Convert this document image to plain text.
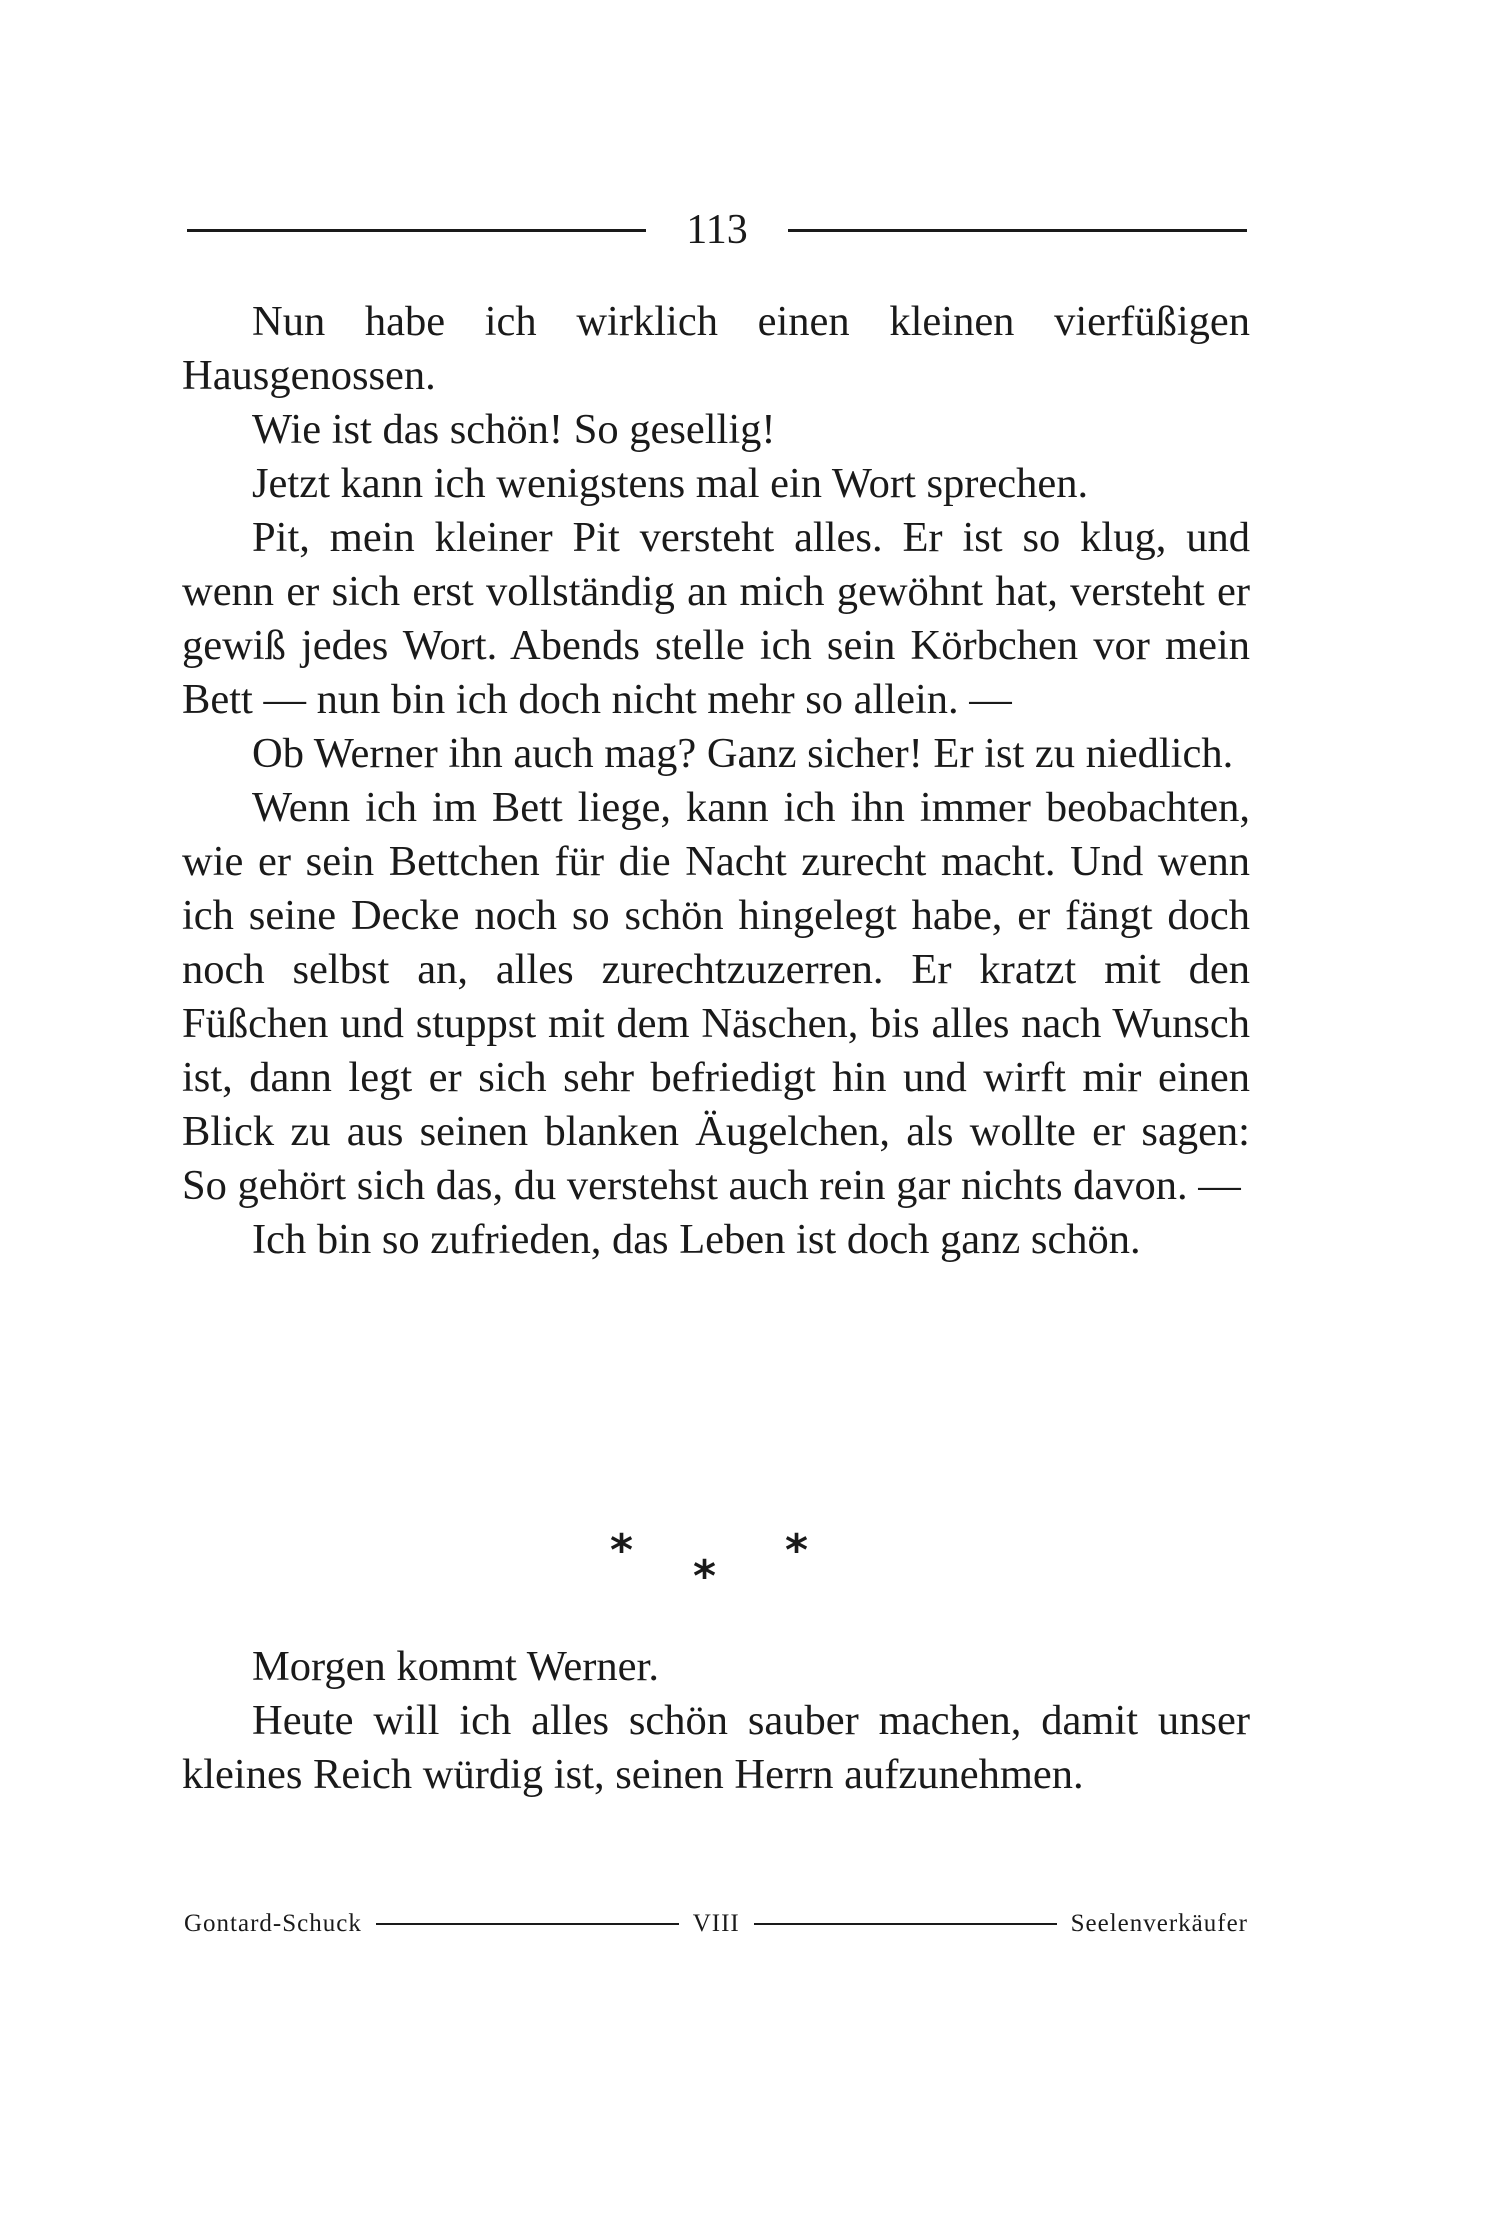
113

Nun habe ich wirklich einen kleinen vierfüßigen Hausgenossen.

Wie ist das schön! So gesellig!

Jetzt kann ich wenigstens mal ein Wort sprechen.

Pit, mein kleiner Pit versteht alles. Er ist so klug, und wenn er sich erst vollständig an mich gewöhnt hat, versteht er gewiß jedes Wort. Abends stelle ich sein Körbchen vor mein Bett — nun bin ich doch nicht mehr so allein. —

Ob Werner ihn auch mag? Ganz sicher! Er ist zu niedlich.

Wenn ich im Bett liege, kann ich ihn immer beobachten, wie er sein Bettchen für die Nacht zurecht macht. Und wenn ich seine Decke noch so schön hingelegt habe, er fängt doch noch selbst an, alles zurechtzuzerren. Er kratzt mit den Füßchen und stuppst mit dem Näschen, bis alles nach Wunsch ist, dann legt er sich sehr befriedigt hin und wirft mir einen Blick zu aus seinen blanken Äugelchen, als wollte er sagen: So gehört sich das, du verstehst auch rein gar nichts davon. —

Ich bin so zufrieden, das Leben ist doch ganz schön.

*
*
*

Morgen kommt Werner.

Heute will ich alles schön sauber machen, damit unser kleines Reich würdig ist, seinen Herrn aufzunehmen.

Gontard-Schuck	VIII	Seelenverkäufer
